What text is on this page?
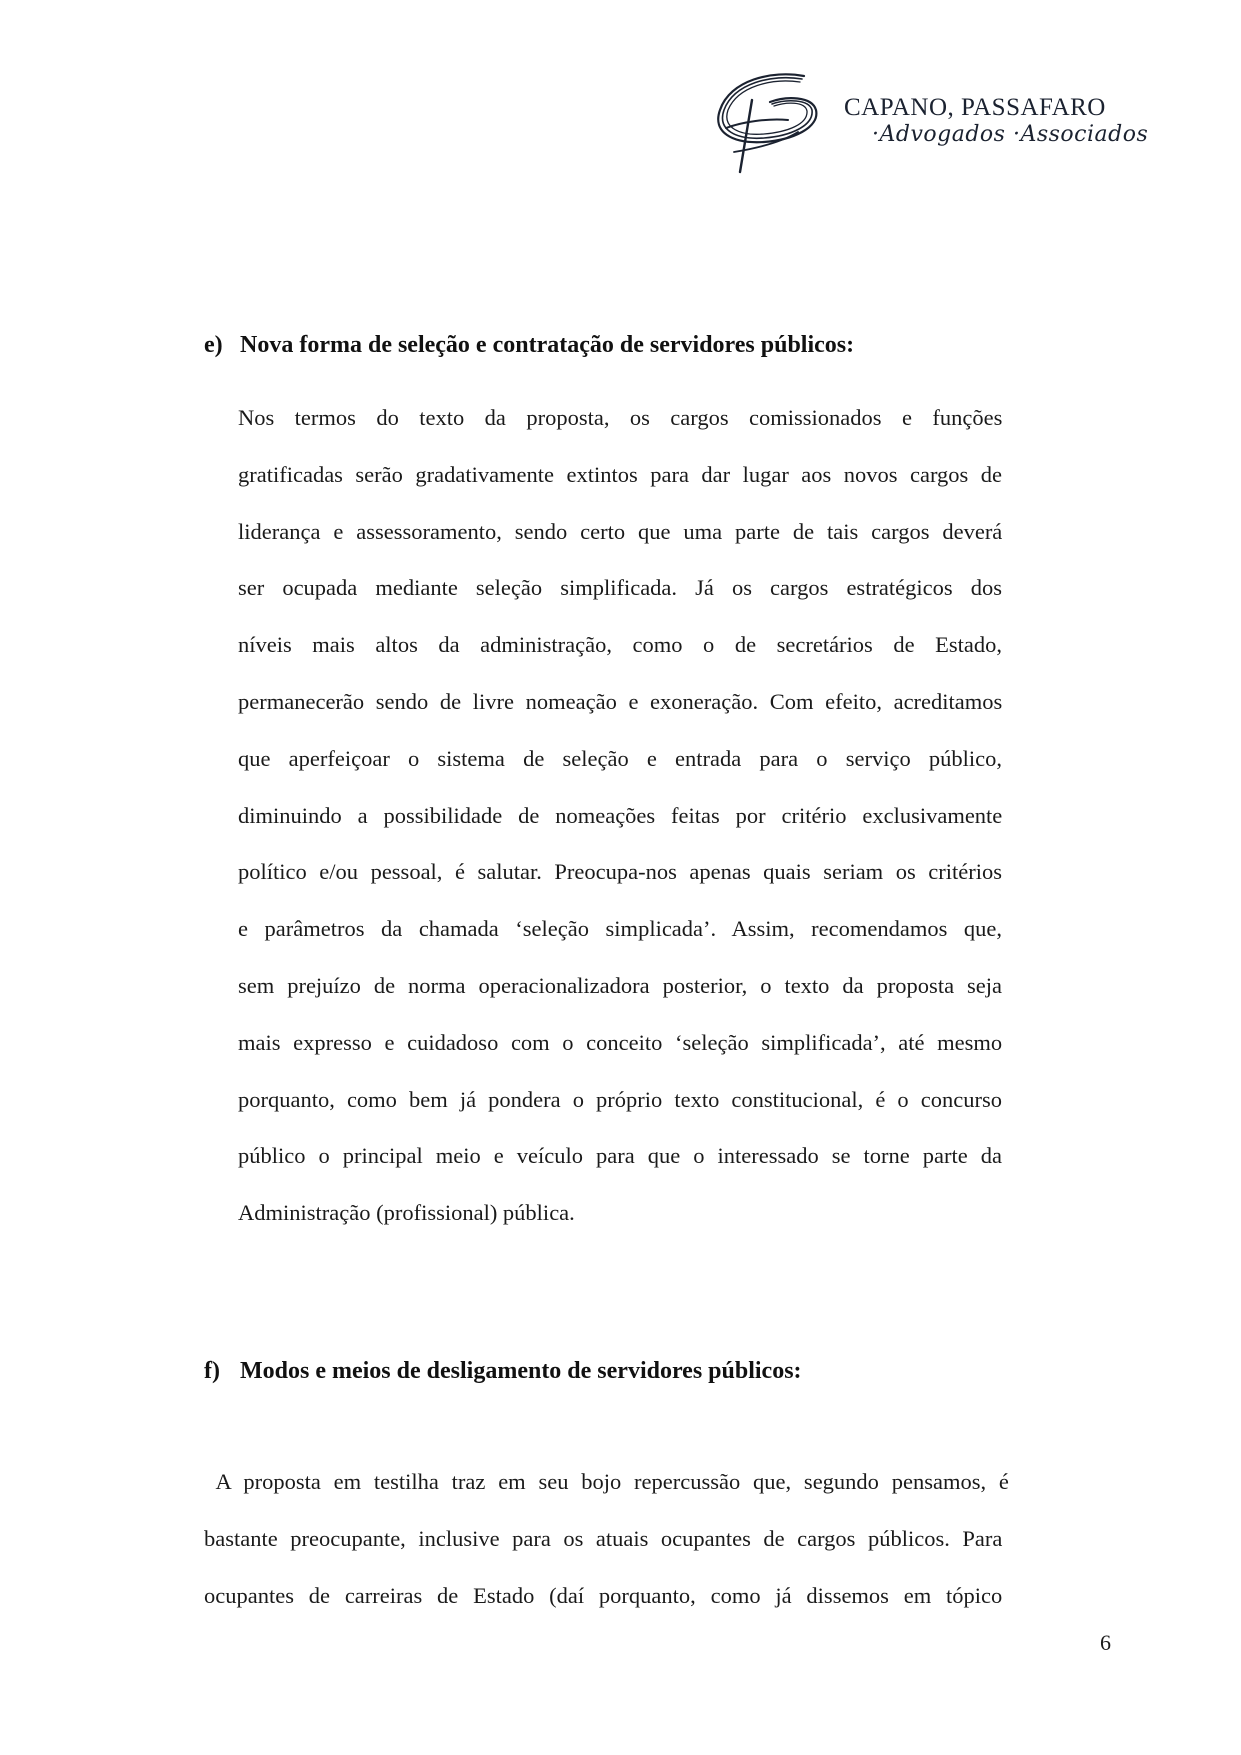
CAPANO, PASSAFARO
·Advogados ·Associados
e) Nova forma de seleção e contratação de servidores públicos:
Nos termos do texto da proposta, os cargos comissionados e funções
gratificadas serão gradativamente extintos para dar lugar aos novos cargos de
liderança e assessoramento, sendo certo que uma parte de tais cargos deverá
ser ocupada mediante seleção simplificada. Já os cargos estratégicos dos
níveis mais altos da administração, como o de secretários de Estado,
permanecerão sendo de livre nomeação e exoneração. Com efeito, acreditamos
que aperfeiçoar o sistema de seleção e entrada para o serviço público,
diminuindo a possibilidade de nomeações feitas por critério exclusivamente
político e/ou pessoal, é salutar. Preocupa-nos apenas quais seriam os critérios
e parâmetros da chamada ‘seleção simplicada’. Assim, recomendamos que,
sem prejuízo de norma operacionalizadora posterior, o texto da proposta seja
mais expresso e cuidadoso com o conceito ‘seleção simplificada’, até mesmo
porquanto, como bem já pondera o próprio texto constitucional, é o concurso
público o principal meio e veículo para que o interessado se torne parte da
Administração (profissional) pública.
f) Modos e meios de desligamento de servidores públicos:
A proposta em testilha traz em seu bojo repercussão que, segundo pensamos, é
bastante preocupante, inclusive para os atuais ocupantes de cargos públicos. Para
ocupantes de carreiras de Estado (daí porquanto, como já dissemos em tópico
6
